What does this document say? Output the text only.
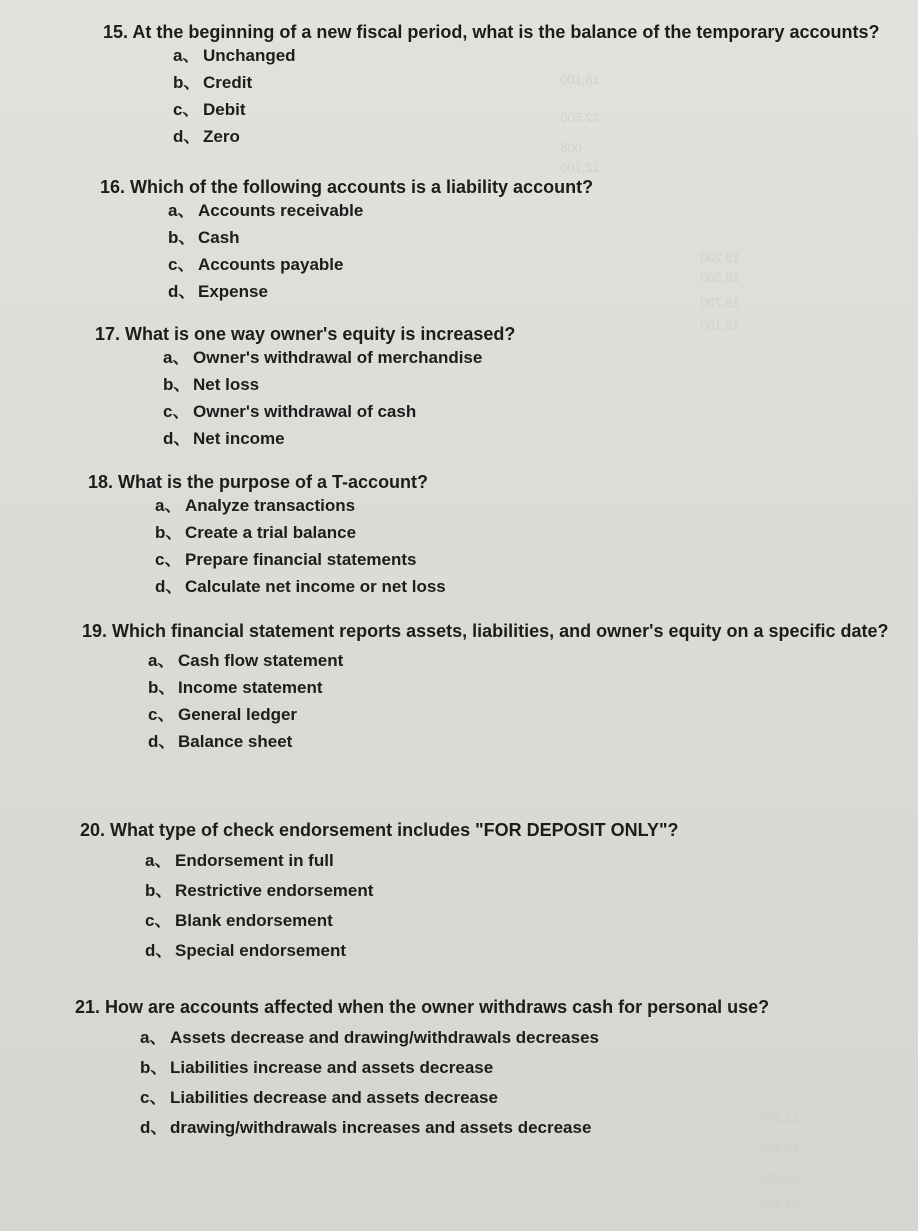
18,100
22,500
008
12,100
19,200
18,500
18,700
19,100
22,800
22,800
22,800
22,800
15. At the beginning of a new fiscal period, what is the balance of the temporary accounts?
a、 Unchanged
b、 Credit
c、 Debit
d、 Zero
16. Which of the following accounts is a liability account?
a、 Accounts receivable
b、 Cash
c、 Accounts payable
d、 Expense
17. What is one way owner's equity is increased?
a、 Owner's withdrawal of merchandise
b、 Net loss
c、 Owner's withdrawal of cash
d、 Net income
18. What is the purpose of a T-account?
a、 Analyze transactions
b、 Create a trial balance
c、 Prepare financial statements
d、 Calculate net income or net loss
19. Which financial statement reports assets, liabilities, and owner's equity on a specific date?
a、 Cash flow statement
b、 Income statement
c、 General ledger
d、 Balance sheet
20. What type of check endorsement includes "FOR DEPOSIT ONLY"?
a、 Endorsement in full
b、 Restrictive endorsement
c、 Blank endorsement
d、 Special endorsement
21. How are accounts affected when the owner withdraws cash for personal use?
a、 Assets decrease and drawing/withdrawals decreases
b、 Liabilities increase and assets decrease
c、 Liabilities decrease and assets decrease
d、 drawing/withdrawals increases and assets decrease
